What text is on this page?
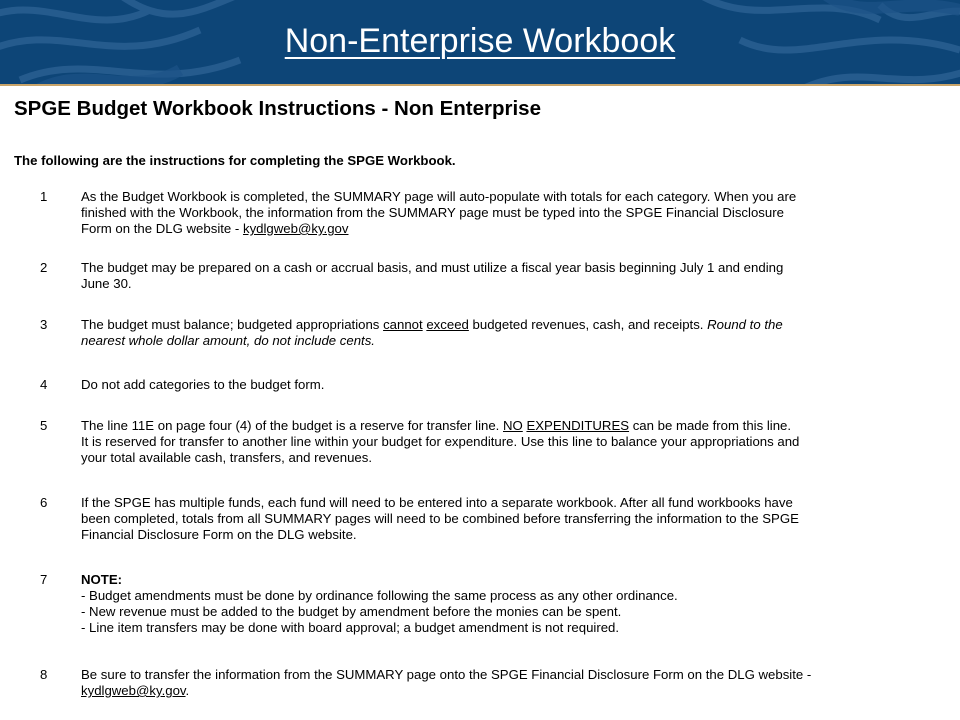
Non-Enterprise Workbook
SPGE Budget Workbook Instructions - Non Enterprise
The following are the instructions for completing the SPGE Workbook.
1	As the Budget Workbook is completed, the SUMMARY page will auto-populate with totals for each category. When you are
finished with the Workbook, the information from the SUMMARY page must be typed into the SPGE Financial Disclosure
Form on the DLG website - kydlgweb@ky.gov
2	The budget may be prepared on a cash or accrual basis, and must utilize a fiscal year basis beginning July 1 and ending
June 30.
3	The budget must balance; budgeted appropriations cannot exceed budgeted revenues, cash, and receipts. Round to the
nearest whole dollar amount, do not include cents.
4	Do not add categories to the budget form.
5	The line 11E on page four (4) of the budget is a reserve for transfer line. NO EXPENDITURES can be made from this line.
It is reserved for transfer to another line within your budget for expenditure. Use this line to balance your appropriations and
your total available cash, transfers, and revenues.
6	If the SPGE has multiple funds, each fund will need to be entered into a separate workbook. After all fund workbooks have
been completed, totals from all SUMMARY pages will need to be combined before transferring the information to the SPGE
Financial Disclosure Form on the DLG website.
7	NOTE:
- Budget amendments must be done by ordinance following the same process as any other ordinance.
- New revenue must be added to the budget by amendment before the monies can be spent.
- Line item transfers may be done with board approval; a budget amendment is not required.
8	Be sure to transfer the information from the SUMMARY page onto the SPGE Financial Disclosure Form on the DLG website -
kydlgweb@ky.gov.
